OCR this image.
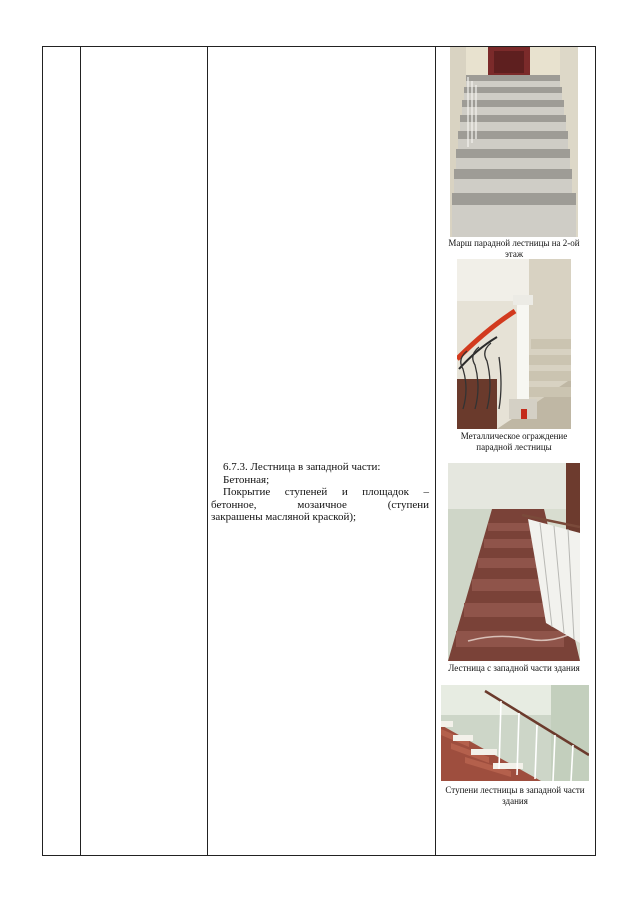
6.7.3. Лестница в западной части:

Бетонная;

Покрытие ступеней и площадок –

бетонное, мозаичное (ступени

закрашены масляной краской);

Марш парадной лестницы на 2-ой этаж
Металлическое ограждение парадной лестницы
Лестница с западной части здания
Ступени лестницы в западной части здания
